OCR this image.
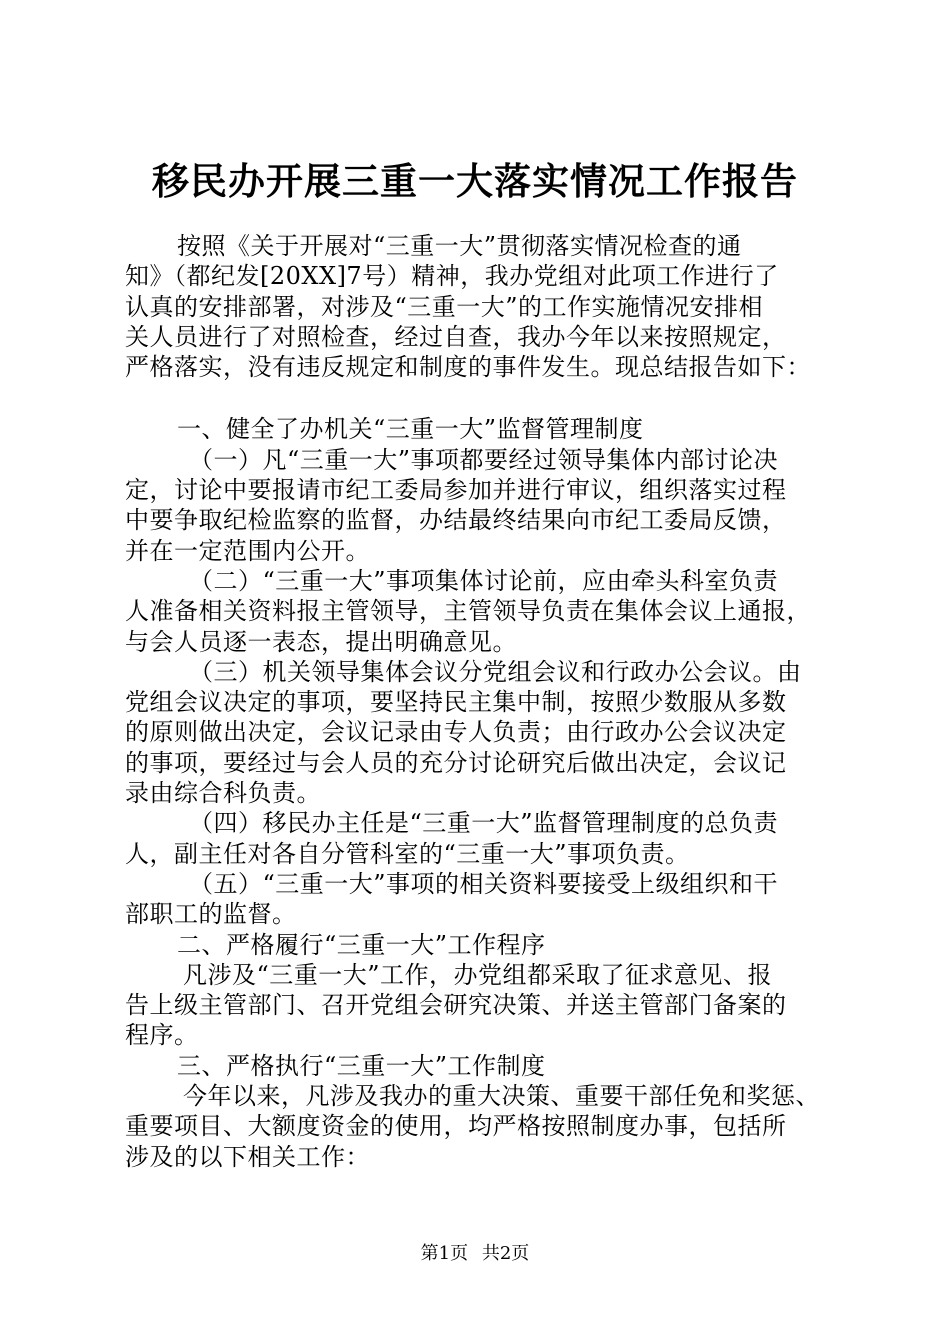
移民办开展三重一大落实情况工作报告
按照《关于开展对“三重一大”贯彻落实情况检查的通
知》（都纪发[20XX]7号）精神，我办党组对此项工作进行了
认真的安排部署，对涉及“三重一大”的工作实施情况安排相
关人员进行了对照检查，经过自查，我办今年以来按照规定，
严格落实，没有违反规定和制度的事件发生。现总结报告如下：
一、健全了办机关“三重一大”监督管理制度
（一）凡“三重一大”事项都要经过领导集体内部讨论决
定，讨论中要报请市纪工委局参加并进行审议，组织落实过程
中要争取纪检监察的监督，办结最终结果向市纪工委局反馈，
并在一定范围内公开。
（二）“三重一大”事项集体讨论前，应由牵头科室负责
人准备相关资料报主管领导，主管领导负责在集体会议上通报，
与会人员逐一表态，提出明确意见。
（三）机关领导集体会议分党组会议和行政办公会议。由
党组会议决定的事项，要坚持民主集中制，按照少数服从多数
的原则做出决定，会议记录由专人负责；由行政办公会议决定
的事项，要经过与会人员的充分讨论研究后做出决定，会议记
录由综合科负责。
（四）移民办主任是“三重一大”监督管理制度的总负责
人，副主任对各自分管科室的“三重一大”事项负责。
（五）“三重一大”事项的相关资料要接受上级组织和干
部职工的监督。
二、严格履行“三重一大”工作程序
凡涉及“三重一大”工作，办党组都采取了征求意见、报
告上级主管部门、召开党组会研究决策、并送主管部门备案的
程序。
三、严格执行“三重一大”工作制度
今年以来，凡涉及我办的重大决策、重要干部任免和奖惩、
重要项目、大额度资金的使用，均严格按照制度办事，包括所
涉及的以下相关工作：
第1页 共2页
